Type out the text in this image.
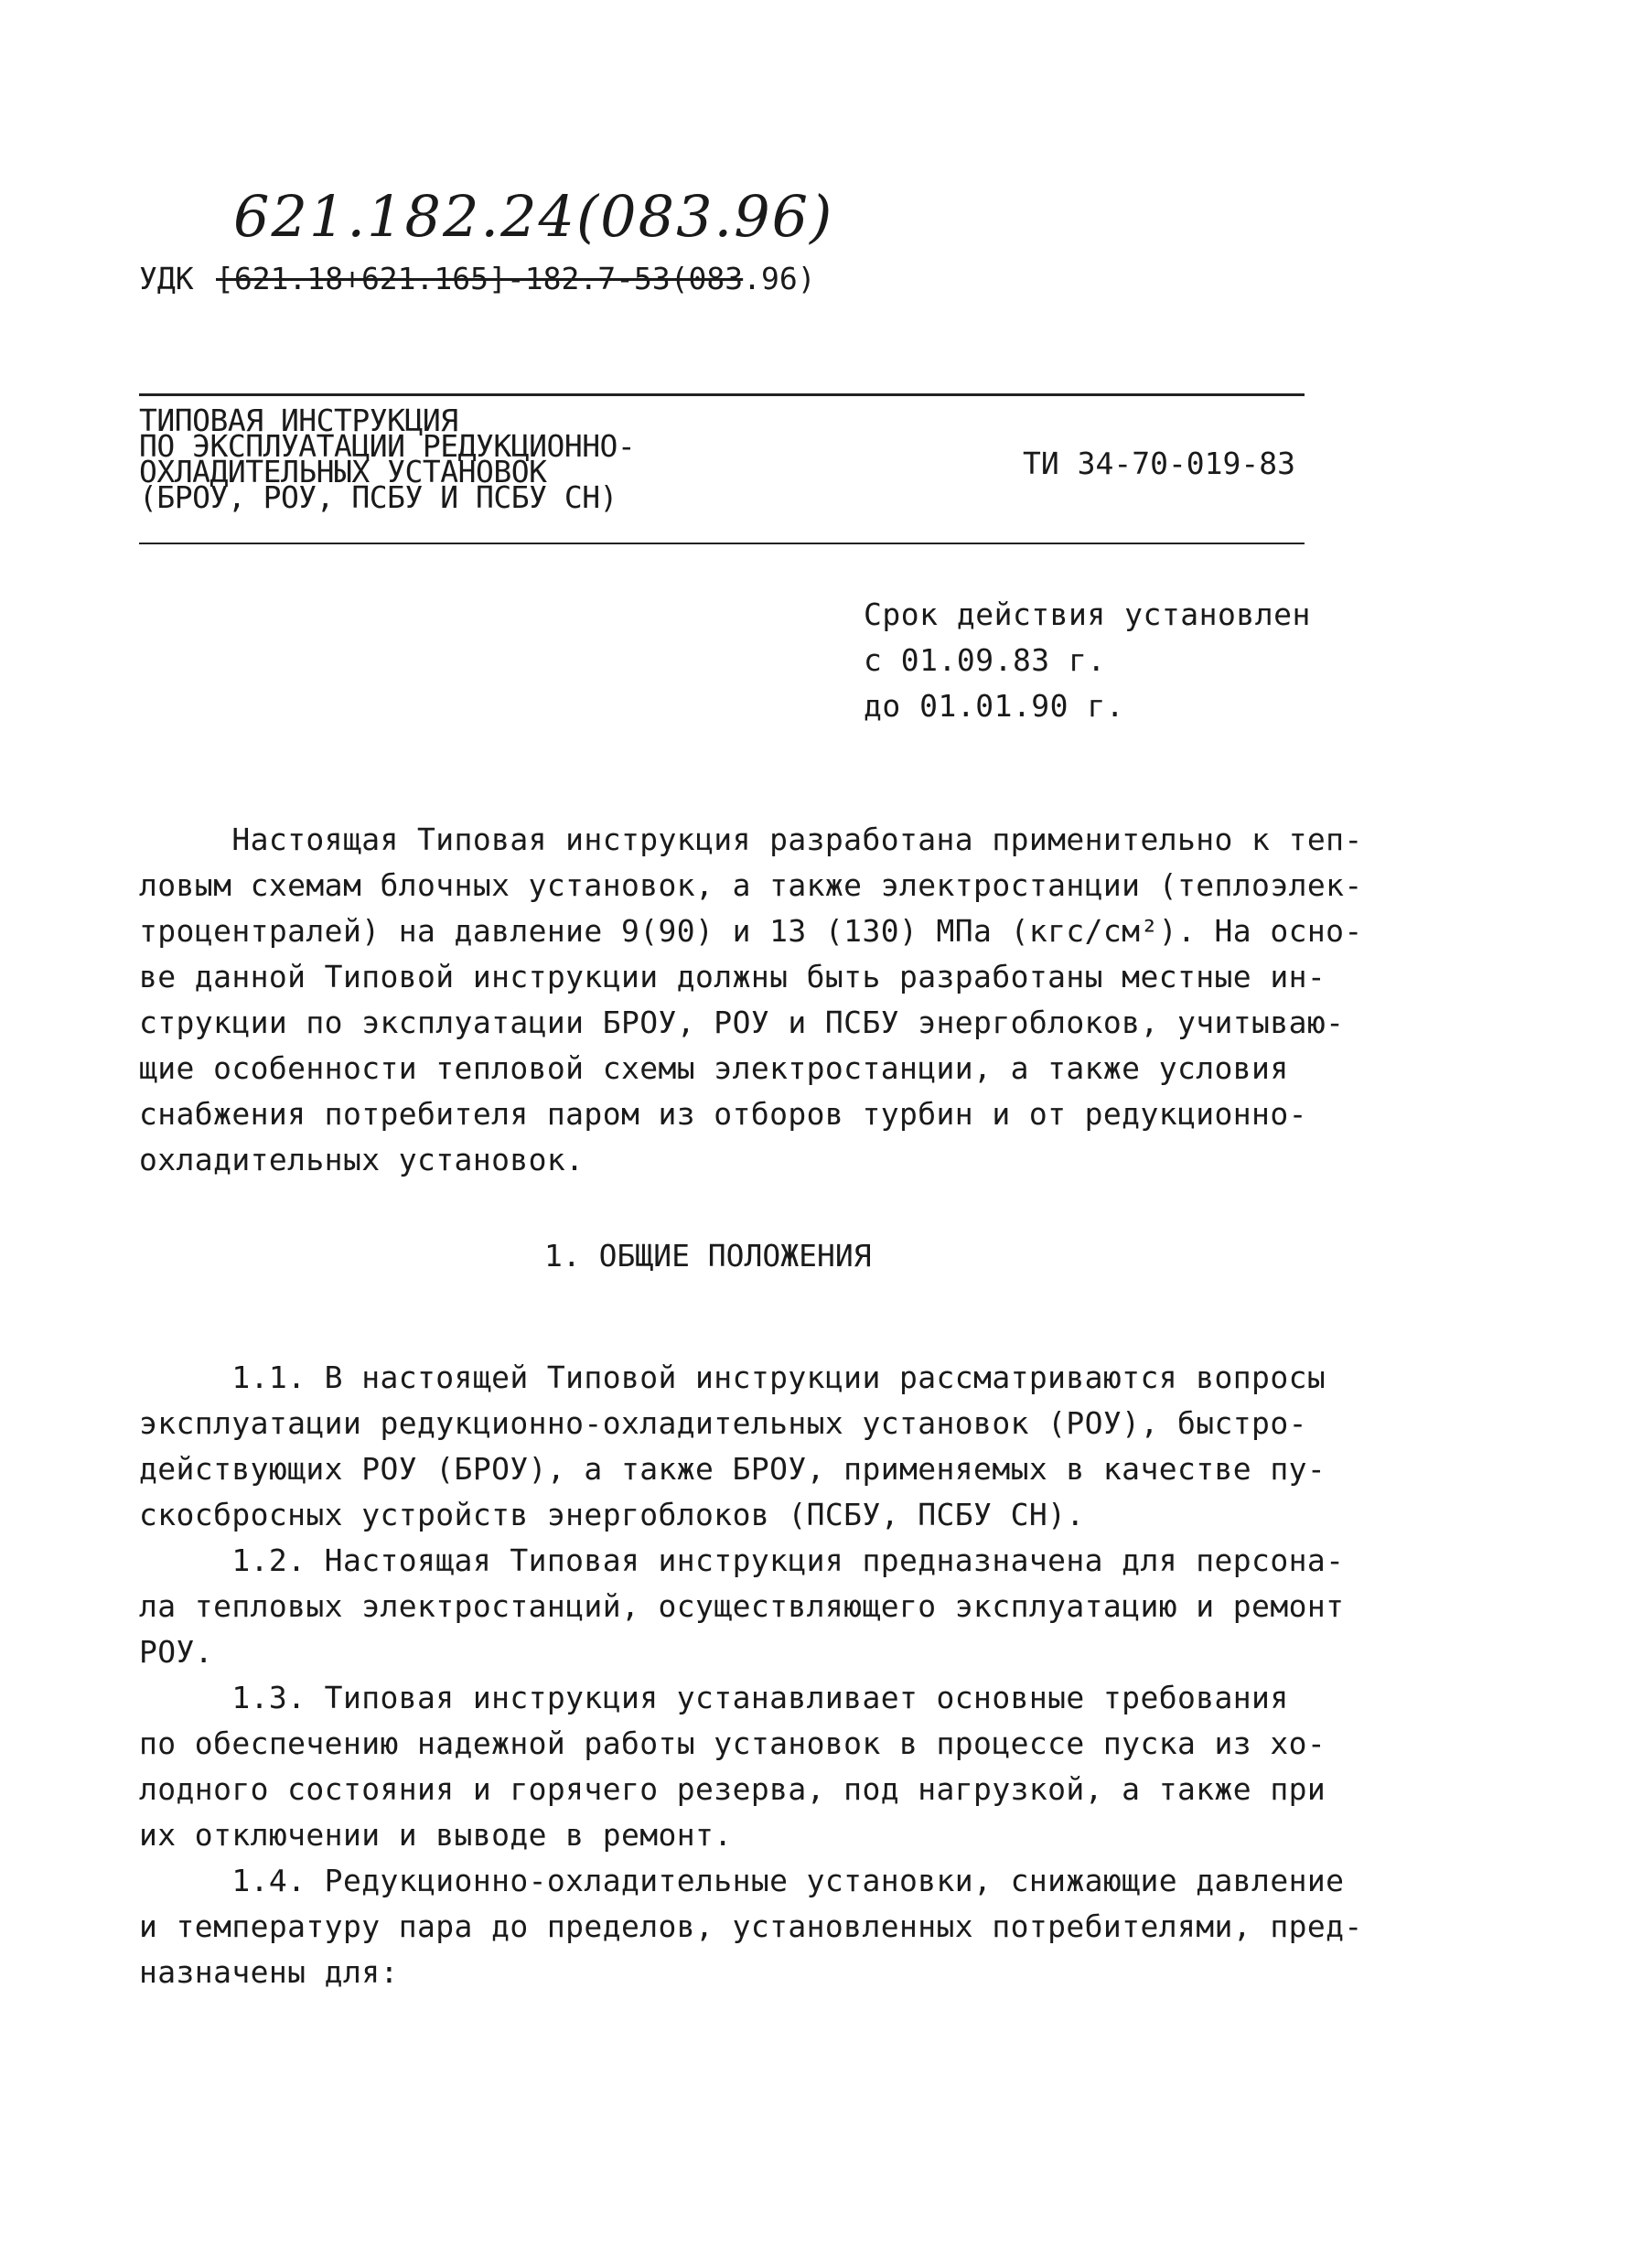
621.182.24(083.96)
УДК [621.18+621.165]-182.7-53(083.96)
ТИПОВАЯ ИНСТРУКЦИЯ
ПО ЭКСПЛУАТАЦИИ РЕДУКЦИОННО-
ОХЛАДИТЕЛЬНЫХ УСТАНОВОК
(БРОУ, РОУ, ПСБУ И ПСБУ СН)
ТИ 34-70-019-83
Срок действия установлен
с 01.09.83 г.
до 01.01.90 г.
Настоящая Типовая инструкция разработана применительно к теп-
ловым схемам блочных установок, а также электростанции (теплоэлек-
троцентралей) на давление 9(90) и 13 (130) МПа (кгс/см²). На осно-
ве данной Типовой инструкции должны быть разработаны местные ин-
струкции по эксплуатации БРОУ, РОУ и ПСБУ энергоблоков, учитываю-
щие особенности тепловой схемы электростанции, а также условия
снабжения потребителя паром из отборов турбин и от редукционно-
охладительных установок.
1. ОБЩИЕ ПОЛОЖЕНИЯ
1.1. В настоящей Типовой инструкции рассматриваются вопросы
эксплуатации редукционно-охладительных установок (РОУ), быстро-
действующих РОУ (БРОУ), а также БРОУ, применяемых в качестве пу-
скосбросных устройств энергоблоков (ПСБУ, ПСБУ СН).
1.2. Настоящая Типовая инструкция предназначена для персона-
ла тепловых электростанций, осуществляющего эксплуатацию и ремонт
РОУ.
1.3. Типовая инструкция устанавливает основные требования
по обеспечению надежной работы установок в процессе пуска из хо-
лодного состояния и горячего резерва, под нагрузкой, а также при
их отключении и выводе в ремонт.
1.4. Редукционно-охладительные установки, снижающие давление
и температуру пара до пределов, установленных потребителями, пред-
назначены для:
